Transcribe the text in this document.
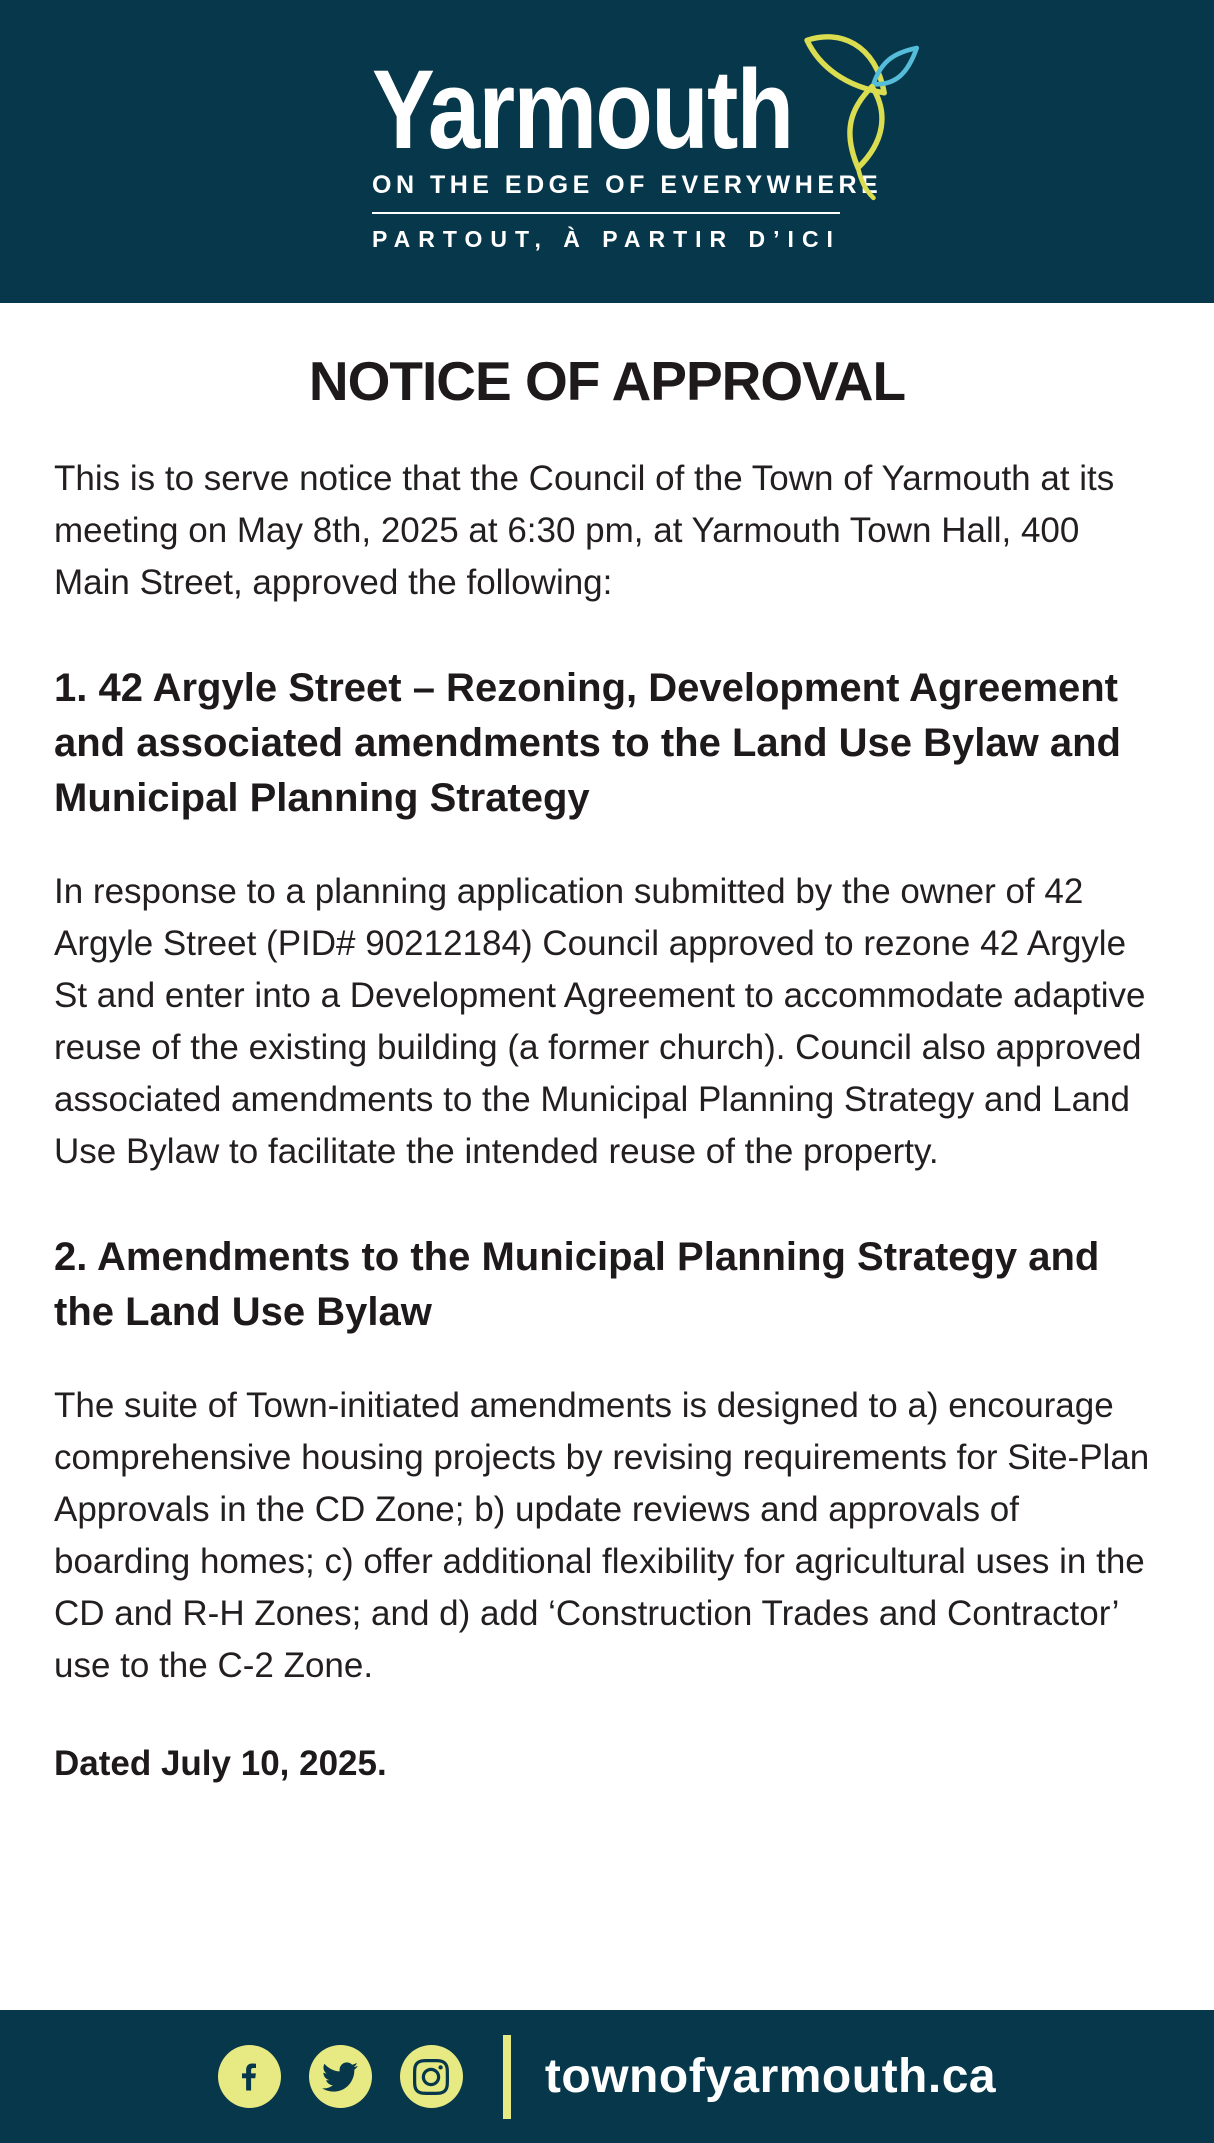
Yarmouth
ON THE EDGE OF EVERYWHERE
PARTOUT, À PARTIR D’ICI
NOTICE OF APPROVAL

This is to serve notice that the Council of the Town of Yarmouth at its meeting on May 8th, 2025 at 6:30 pm, at Yarmouth Town Hall, 400 Main Street, approved the following:

1. 42 Argyle Street – Rezoning, Development Agreement and associated amendments to the Land Use Bylaw and Municipal Planning Strategy

In response to a planning application submitted by the owner of 42 Argyle Street (PID# 90212184) Council approved to rezone 42 Argyle St and enter into a Development Agreement to accommodate adaptive reuse of the existing building (a former church). Council also approved associated amendments to the Municipal Planning Strategy and Land Use Bylaw to facilitate the intended reuse of the property.

2. Amendments to the Municipal Planning Strategy and the Land Use Bylaw

The suite of Town-initiated amendments is designed to a) encourage comprehensive housing projects by revising requirements for Site-Plan Approvals in the CD Zone; b) update reviews and approvals of boarding homes; c) offer additional flexibility for agricultural uses in the CD and R-H Zones; and d) add ‘Construction Trades and Contractor’ use to the C-2 Zone.

Dated July 10, 2025.

townofyarmouth.ca
